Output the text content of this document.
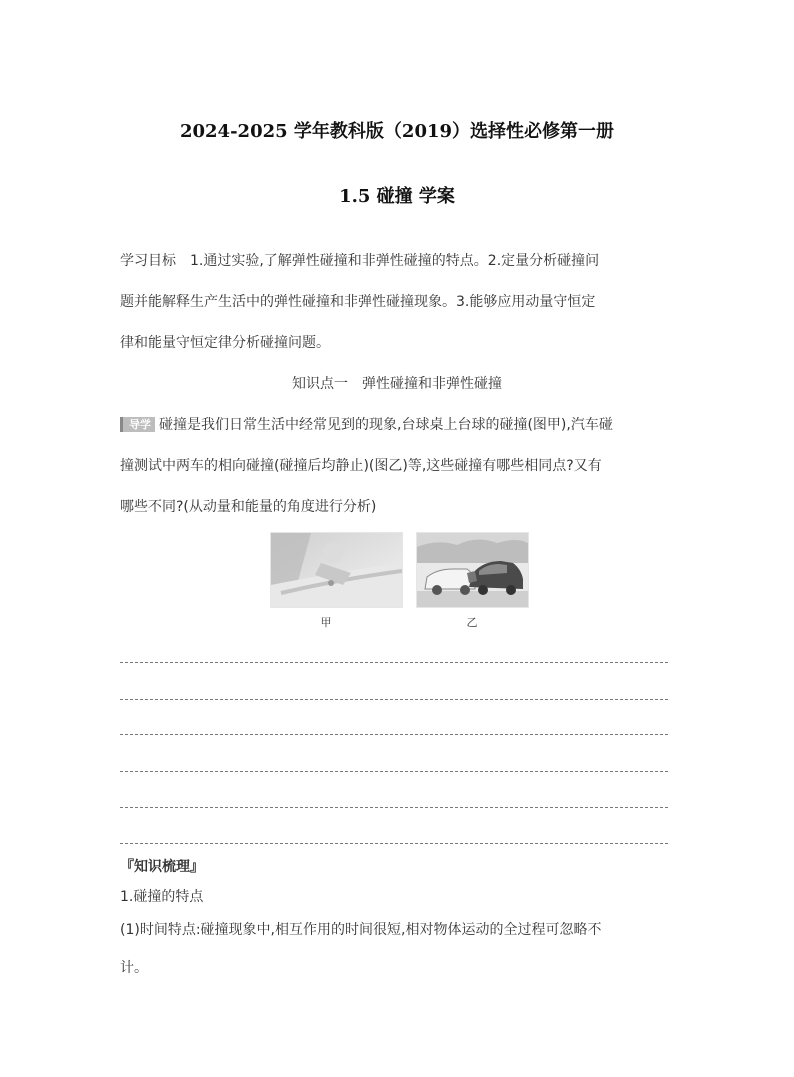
2024-2025 学年教科版（2019）选择性必修第一册
1.5 碰撞 学案
学习目标　1.通过实验,了解弹性碰撞和非弹性碰撞的特点。2.定量分析碰撞问
题并能解释生产生活中的弹性碰撞和非弹性碰撞现象。3.能够应用动量守恒定
律和能量守恒定律分析碰撞问题。
知识点一　弹性碰撞和非弹性碰撞
导学 碰撞是我们日常生活中经常见到的现象,台球桌上台球的碰撞(图甲),汽车碰
撞测试中两车的相向碰撞(碰撞后均静止)(图乙)等,这些碰撞有哪些相同点?又有
哪些不同?(从动量和能量的角度进行分析)
甲	乙
『知识梳理』
1.碰撞的特点
(1)时间特点:碰撞现象中,相互作用的时间很短,相对物体运动的全过程可忽略不
计。
